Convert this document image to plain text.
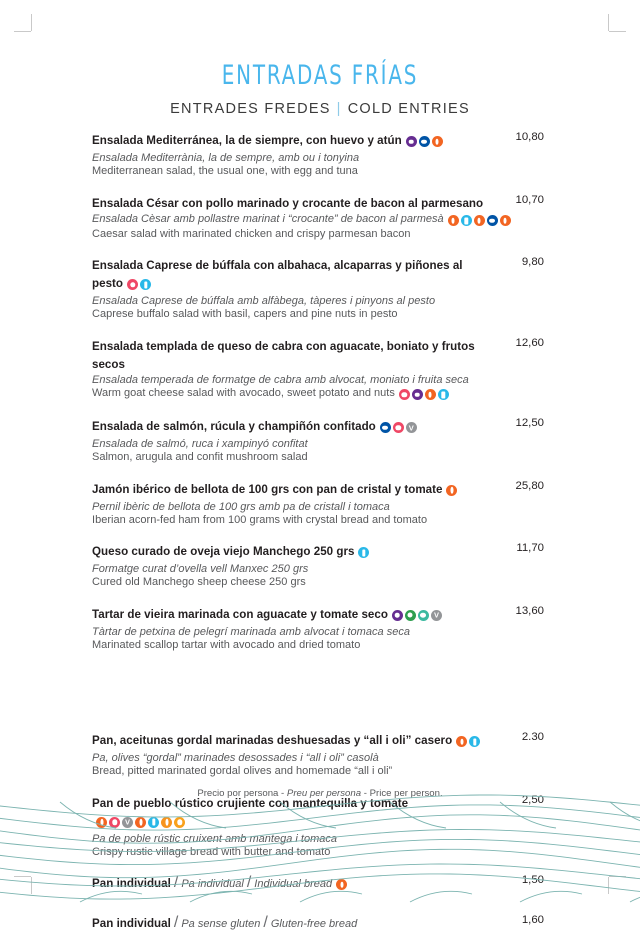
ENTRADAS FRÍAS
ENTRADES FREDES | COLD ENTRIES
Ensalada Mediterránea, la de siempre, con huevo y atún	10,80
Ensalada Mediterrània, la de sempre, amb ou i tonyina
Mediterranean salad, the usual one, with egg and tuna
Ensalada César con pollo marinado y crocante de bacon al parmesano	10,70
Ensalada Cèsar amb pollastre marinat i “crocante” de bacon al parmesà
Caesar salad with marinated chicken and crispy parmesan bacon
Ensalada Caprese de búffala con albahaca, alcaparras y piñones al pesto
9,80
Ensalada Caprese de búffala amb alfàbega, tàperes i pinyons al pesto
Caprese buffalo salad with basil, capers and pine nuts in pesto
Ensalada templada de queso de cabra con aguacate, boniato y frutos secos
12,60
Ensalada temperada de formatge de cabra amb alvocat, moniato i fruita seca
Warm goat cheese salad with avocado, sweet potato and nuts
Ensalada de salmón, rúcula y champiñón confitado V	12,50
Ensalada de salmó, ruca i xampinyó confitat
Salmon, arugula and confit mushroom salad
Jamón ibérico de bellota de 100 grs con pan de cristal y tomate	25,80
Pernil ibèric de bellota de 100 grs amb pa de cristall i tomaca
Iberian acorn-fed ham from 100 grams with crystal bread and tomato
Queso curado de oveja viejo Manchego 250 grs	11,70
Formatge curat d’ovella vell Manxec 250 grs
Cured old Manchego sheep cheese 250 grs
Tartar de vieira marinada con aguacate y tomate seco V	13,60
Tàrtar de petxina de pelegrí marinada amb alvocat i tomaca seca
Marinated scallop tartar with avocado and dried tomato
Pan, aceitunas gordal marinadas deshuesadas y “all i oli” casero	2.30
Pa, olives “gordal” marinades desossades i “all i oli” casolà
Bread, pitted marinated gordal olives and homemade “all i oli”
Pan de pueblo rústico crujiente con mantequilla y tomateV	2,50
Pa de poble rústic cruixent amb mantega i tomaca
Crispy rustic village bread with butter and tomato
Pan individual / Pa individual / Individual bread	1,50
Pan individual / Pa sense gluten / Gluten-free bread	1,60
Precio por persona - Preu per persona - Price per person.
